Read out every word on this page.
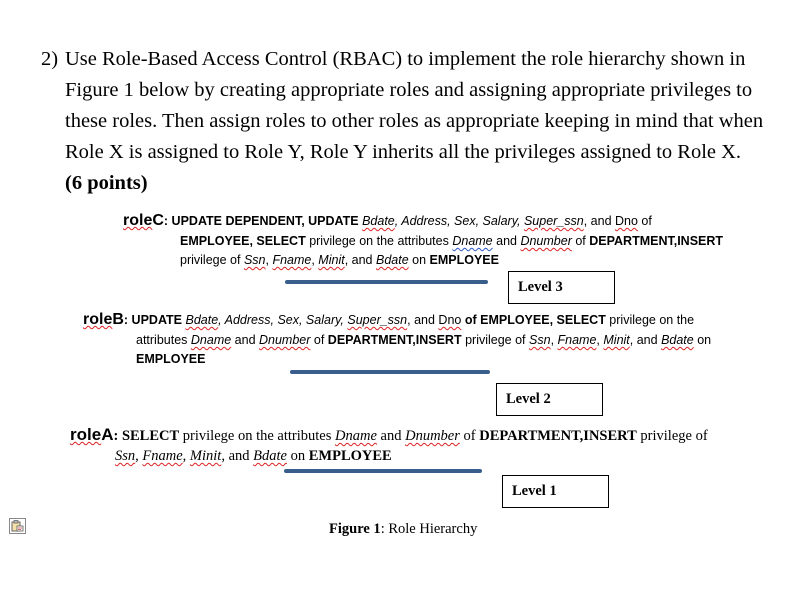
2) Use Role-Based Access Control (RBAC) to implement the role hierarchy shown in Figure 1 below by creating appropriate roles and assigning appropriate privileges to these roles. Then assign roles to other roles as appropriate keeping in mind that when Role X is assigned to Role Y, Role Y inherits all the privileges assigned to Role X.
(6 points)
roleC: UPDATE DEPENDENT, UPDATE Bdate, Address, Sex, Salary, Super_ssn, and Dno of
EMPLOYEE, SELECT privilege on the attributes Dname and Dnumber of DEPARTMENT,INSERT
privilege of Ssn, Fname, Minit, and Bdate on EMPLOYEE
Level 3
roleB: UPDATE Bdate, Address, Sex, Salary, Super_ssn, and Dno of EMPLOYEE, SELECT privilege on the
attributes Dname and Dnumber of DEPARTMENT,INSERT privilege of Ssn, Fname, Minit, and Bdate on
EMPLOYEE
Level 2
roleA: SELECT privilege on the attributes Dname and Dnumber of DEPARTMENT,INSERT privilege of
Ssn, Fname, Minit, and Bdate on EMPLOYEE
Level 1
Figure 1: Role Hierarchy
